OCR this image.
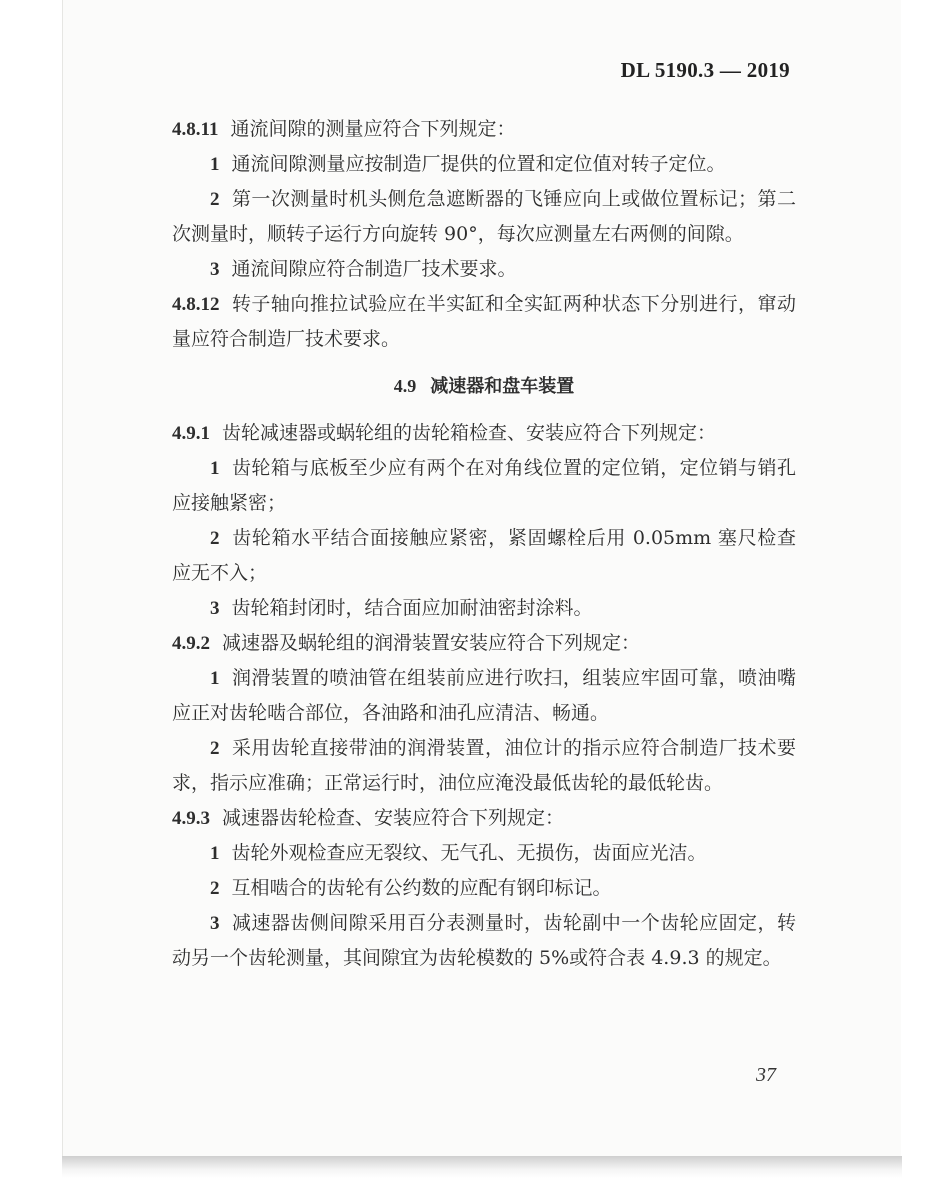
DL 5190.3 — 2019

4.8.11 通流间隙的测量应符合下列规定：

1 通流间隙测量应按制造厂提供的位置和定位值对转子定位。

2 第一次测量时机头侧危急遮断器的飞锤应向上或做位置标记；第二次测量时，顺转子运行方向旋转 90°，每次应测量左右两侧的间隙。

3 通流间隙应符合制造厂技术要求。

4.8.12 转子轴向推拉试验应在半实缸和全实缸两种状态下分别进行，窜动量应符合制造厂技术要求。

4.9 减速器和盘车装置

4.9.1 齿轮减速器或蜗轮组的齿轮箱检查、安装应符合下列规定：

1 齿轮箱与底板至少应有两个在对角线位置的定位销，定位销与销孔应接触紧密；

2 齿轮箱水平结合面接触应紧密，紧固螺栓后用 0.05mm 塞尺检查应无不入；

3 齿轮箱封闭时，结合面应加耐油密封涂料。

4.9.2 减速器及蜗轮组的润滑装置安装应符合下列规定：

1 润滑装置的喷油管在组装前应进行吹扫，组装应牢固可靠，喷油嘴应正对齿轮啮合部位，各油路和油孔应清洁、畅通。

2 采用齿轮直接带油的润滑装置，油位计的指示应符合制造厂技术要求，指示应准确；正常运行时，油位应淹没最低齿轮的最低轮齿。

4.9.3 减速器齿轮检查、安装应符合下列规定：

1 齿轮外观检查应无裂纹、无气孔、无损伤，齿面应光洁。

2 互相啮合的齿轮有公约数的应配有钢印标记。

3 减速器齿侧间隙采用百分表测量时，齿轮副中一个齿轮应固定，转动另一个齿轮测量，其间隙宜为齿轮模数的 5%或符合表 4.9.3 的规定。

37
